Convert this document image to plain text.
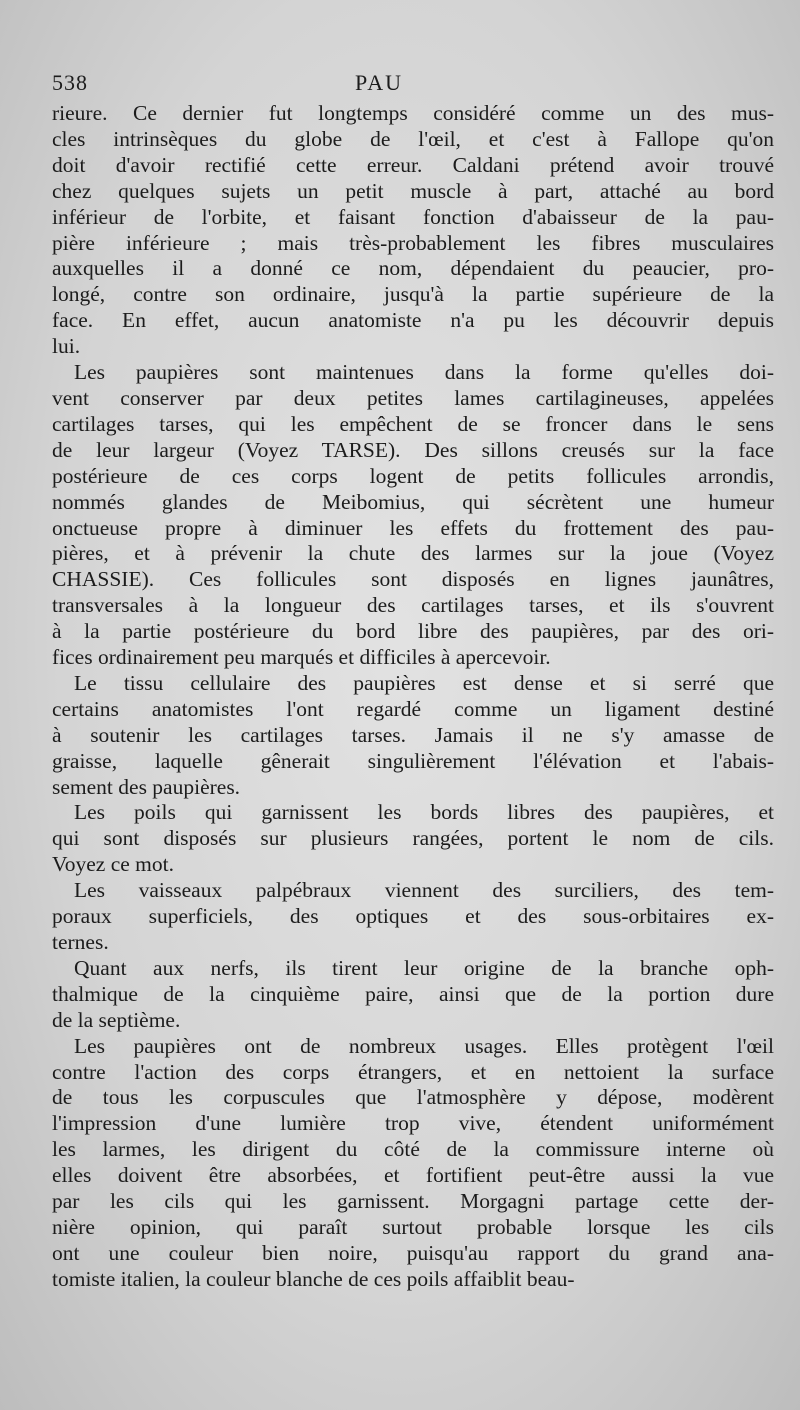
538	PAU

rieure. Ce dernier fut longtemps considéré comme un des mus-
cles intrinsèques du globe de l'œil, et c'est à Fallope qu'on
doit d'avoir rectifié cette erreur. Caldani prétend avoir trouvé
chez quelques sujets un petit muscle à part, attaché au bord
inférieur de l'orbite, et faisant fonction d'abaisseur de la pau-
pière inférieure ; mais très-probablement les fibres musculaires
auxquelles il a donné ce nom, dépendaient du peaucier, pro-
longé, contre son ordinaire, jusqu'à la partie supérieure de la
face. En effet, aucun anatomiste n'a pu les découvrir depuis
lui.

Les paupières sont maintenues dans la forme qu'elles doi-
vent conserver par deux petites lames cartilagineuses, appelées
cartilages tarses, qui les empêchent de se froncer dans le sens
de leur largeur (Voyez TARSE). Des sillons creusés sur la face
postérieure de ces corps logent de petits follicules arrondis,
nommés glandes de Meibomius, qui sécrètent une humeur
onctueuse propre à diminuer les effets du frottement des pau-
pières, et à prévenir la chute des larmes sur la joue (Voyez
CHASSIE). Ces follicules sont disposés en lignes jaunâtres,
transversales à la longueur des cartilages tarses, et ils s'ouvrent
à la partie postérieure du bord libre des paupières, par des ori-
fices ordinairement peu marqués et difficiles à apercevoir.

Le tissu cellulaire des paupières est dense et si serré que
certains anatomistes l'ont regardé comme un ligament destiné
à soutenir les cartilages tarses. Jamais il ne s'y amasse de
graisse, laquelle gênerait singulièrement l'élévation et l'abais-
sement des paupières.

Les poils qui garnissent les bords libres des paupières, et
qui sont disposés sur plusieurs rangées, portent le nom de cils.
Voyez ce mot.

Les vaisseaux palpébraux viennent des surciliers, des tem-
poraux superficiels, des optiques et des sous-orbitaires ex-
ternes.

Quant aux nerfs, ils tirent leur origine de la branche oph-
thalmique de la cinquième paire, ainsi que de la portion dure
de la septième.

Les paupières ont de nombreux usages. Elles protègent l'œil
contre l'action des corps étrangers, et en nettoient la surface
de tous les corpuscules que l'atmosphère y dépose, modèrent
l'impression d'une lumière trop vive, étendent uniformément
les larmes, les dirigent du côté de la commissure interne où
elles doivent être absorbées, et fortifient peut-être aussi la vue
par les cils qui les garnissent. Morgagni partage cette der-
nière opinion, qui paraît surtout probable lorsque les cils
ont une couleur bien noire, puisqu'au rapport du grand ana-
tomiste italien, la couleur blanche de ces poils affaiblit beau-
